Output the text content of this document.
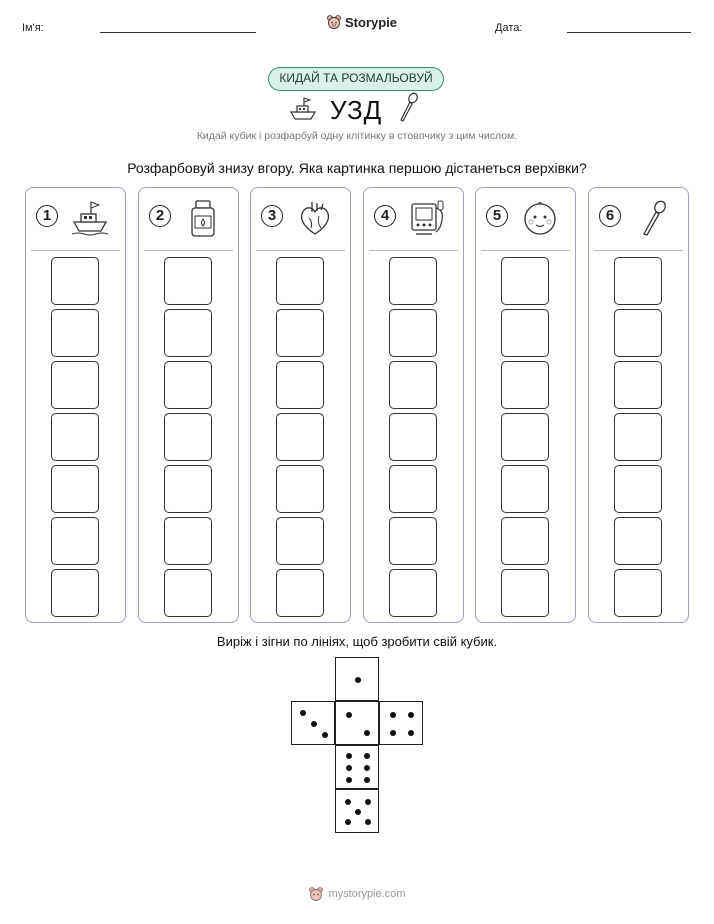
Ім'я:	Storypie	Дата:
КИДАЙ ТА РОЗМАЛЬОВУЙ
УЗД
Кидай кубик і розфарбуй одну клітинку в стовпчику з цим числом.
Розфарбовуй знизу вгору. Яка картинка першою дістанеться верхівки?
1	2	3	4	5	6
Виріж і зігни по лініях, щоб зробити свій кубик.
mystorypie.com
